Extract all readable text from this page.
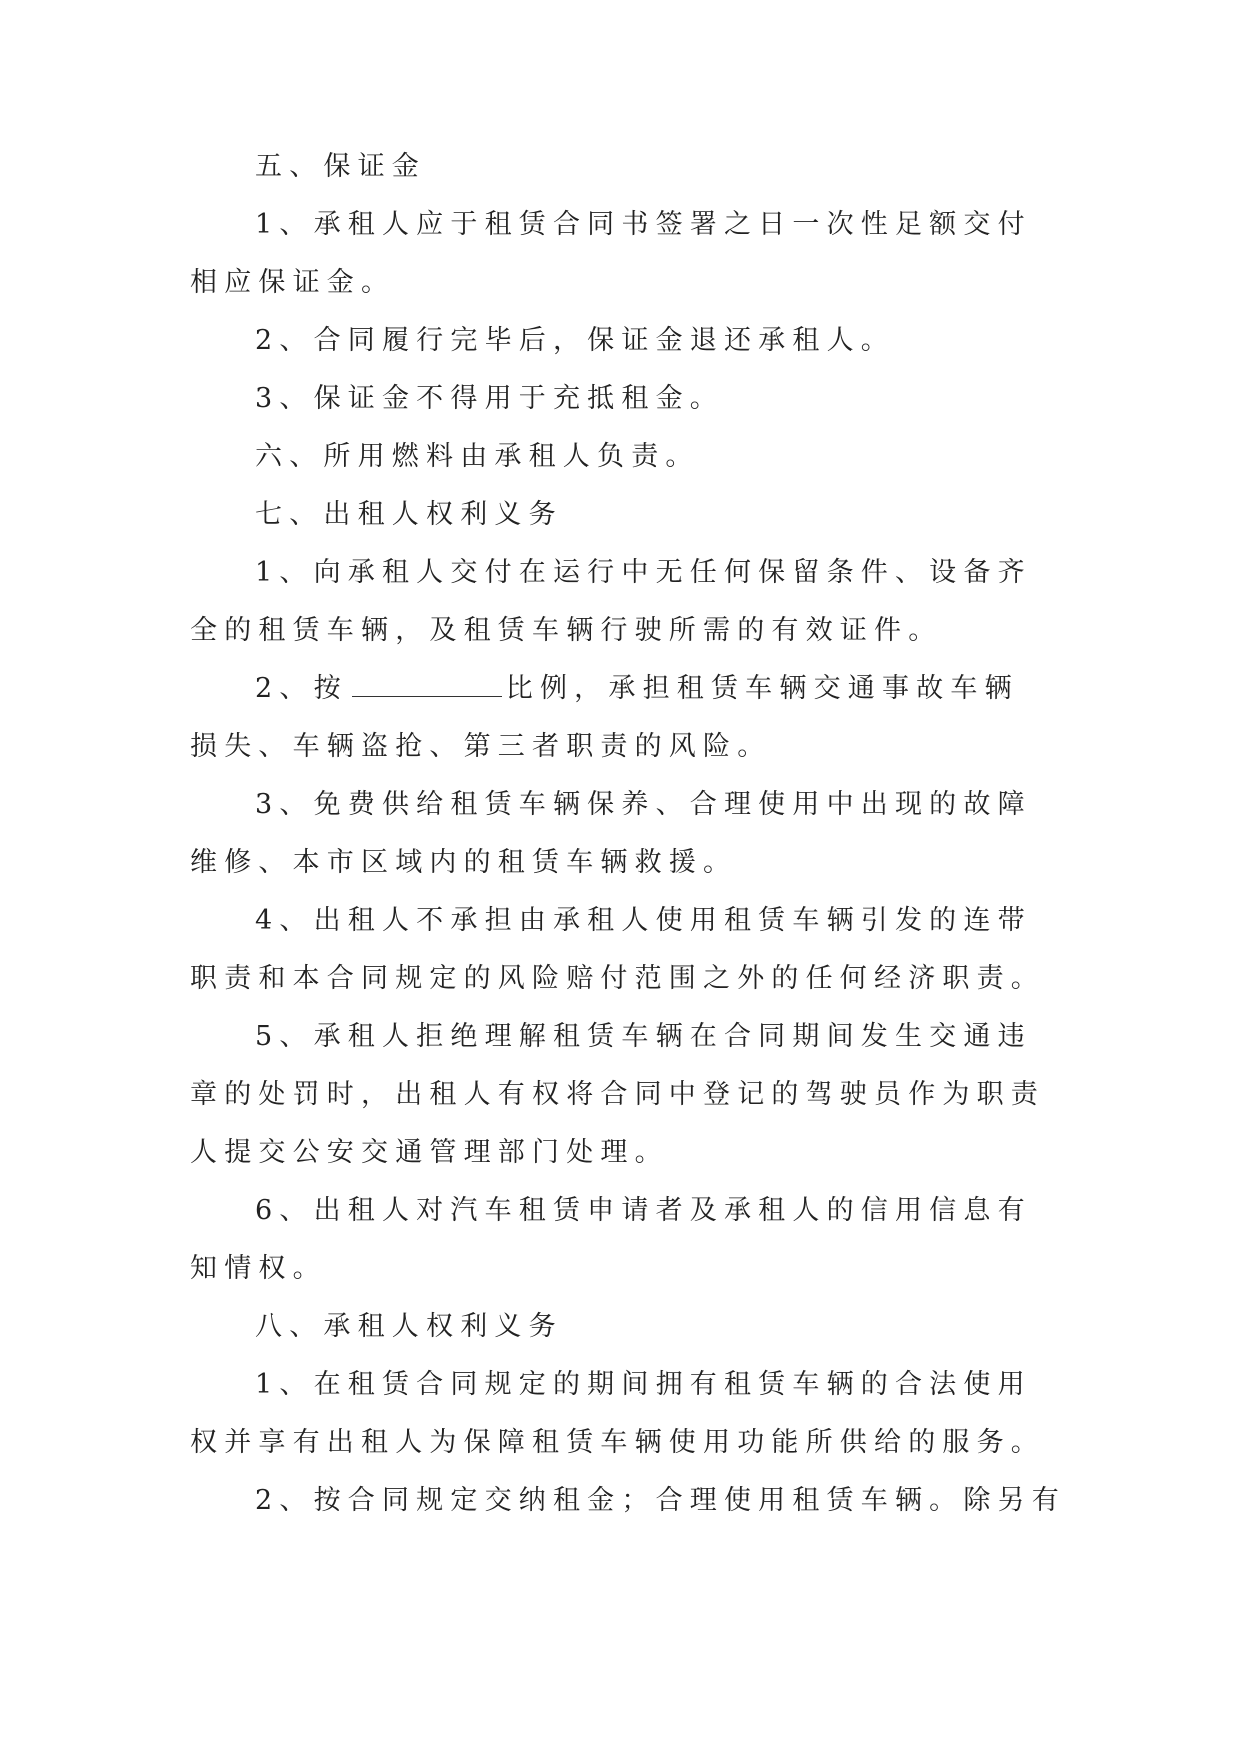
五、保证金

1、承租人应于租赁合同书签署之日一次性足额交付相应保证金。

2、合同履行完毕后，保证金退还承租人。

3、保证金不得用于充抵租金。

六、所用燃料由承租人负责。

七、出租人权利义务

1、向承租人交付在运行中无任何保留条件、设备齐全的租赁车辆，及租赁车辆行驶所需的有效证件。

2、按	比例，承担租赁车辆交通事故车辆损失、车辆盗抢、第三者职责的风险。

3、免费供给租赁车辆保养、合理使用中出现的故障维修、本市区域内的租赁车辆救援。

4、出租人不承担由承租人使用租赁车辆引发的连带职责和本合同规定的风险赔付范围之外的任何经济职责。

5、承租人拒绝理解租赁车辆在合同期间发生交通违章的处罚时，出租人有权将合同中登记的驾驶员作为职责人提交公安交通管理部门处理。

6、出租人对汽车租赁申请者及承租人的信用信息有知情权。

八、承租人权利义务

1、在租赁合同规定的期间拥有租赁车辆的合法使用权并享有出租人为保障租赁车辆使用功能所供给的服务。

2、按合同规定交纳租金；合理使用租赁车辆。除另有
